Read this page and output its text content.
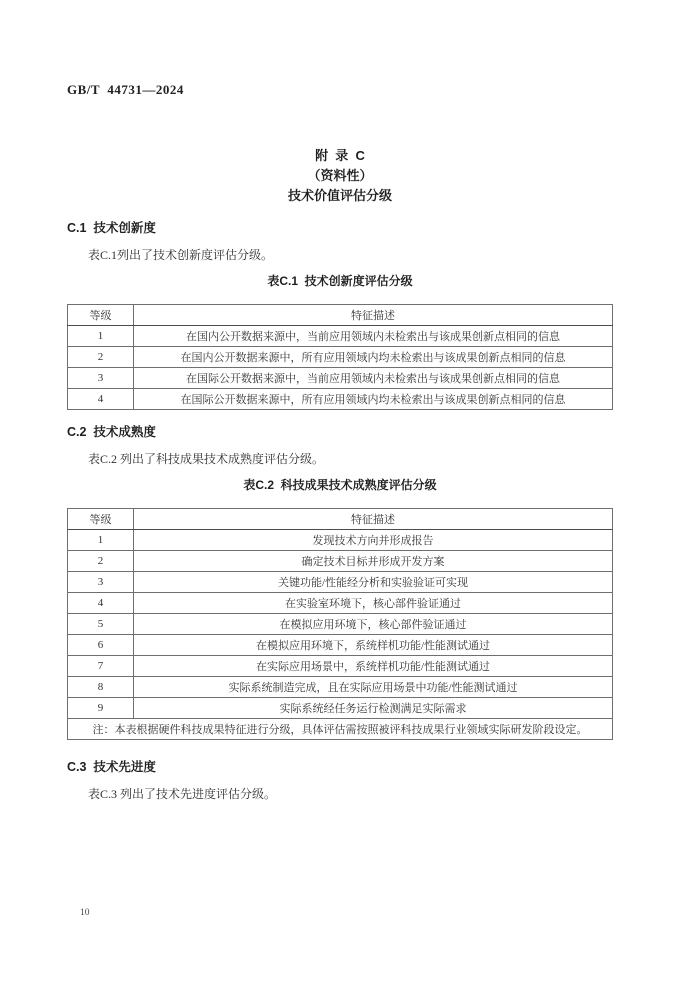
GB/T  44731—2024
附  录  C
（资料性）
技术价值评估分级
C.1  技术创新度
表C.1列出了技术创新度评估分级。
表C.1  技术创新度评估分级
等级	特征描述
1	在国内公开数据来源中，当前应用领域内未检索出与该成果创新点相同的信息
2	在国内公开数据来源中，所有应用领域内均未检索出与该成果创新点相同的信息
3	在国际公开数据来源中，当前应用领域内未检索出与该成果创新点相同的信息
4	在国际公开数据来源中，所有应用领域内均未检索出与该成果创新点相同的信息
C.2  技术成熟度
表C.2 列出了科技成果技术成熟度评估分级。
表C.2  科技成果技术成熟度评估分级
等级	特征描述
1	发现技术方向并形成报告
2	确定技术目标并形成开发方案
3	关键功能/性能经分析和实验验证可实现
4	在实验室环境下，核心部件验证通过
5	在模拟应用环境下，核心部件验证通过
6	在模拟应用环境下，系统样机功能/性能测试通过
7	在实际应用场景中，系统样机功能/性能测试通过
8	实际系统制造完成，且在实际应用场景中功能/性能测试通过
9	实际系统经任务运行检测满足实际需求
注：本表根据硬件科技成果特征进行分级，具体评估需按照被评科技成果行业领域实际研发阶段设定。	
C.3  技术先进度
表C.3 列出了技术先进度评估分级。
10
